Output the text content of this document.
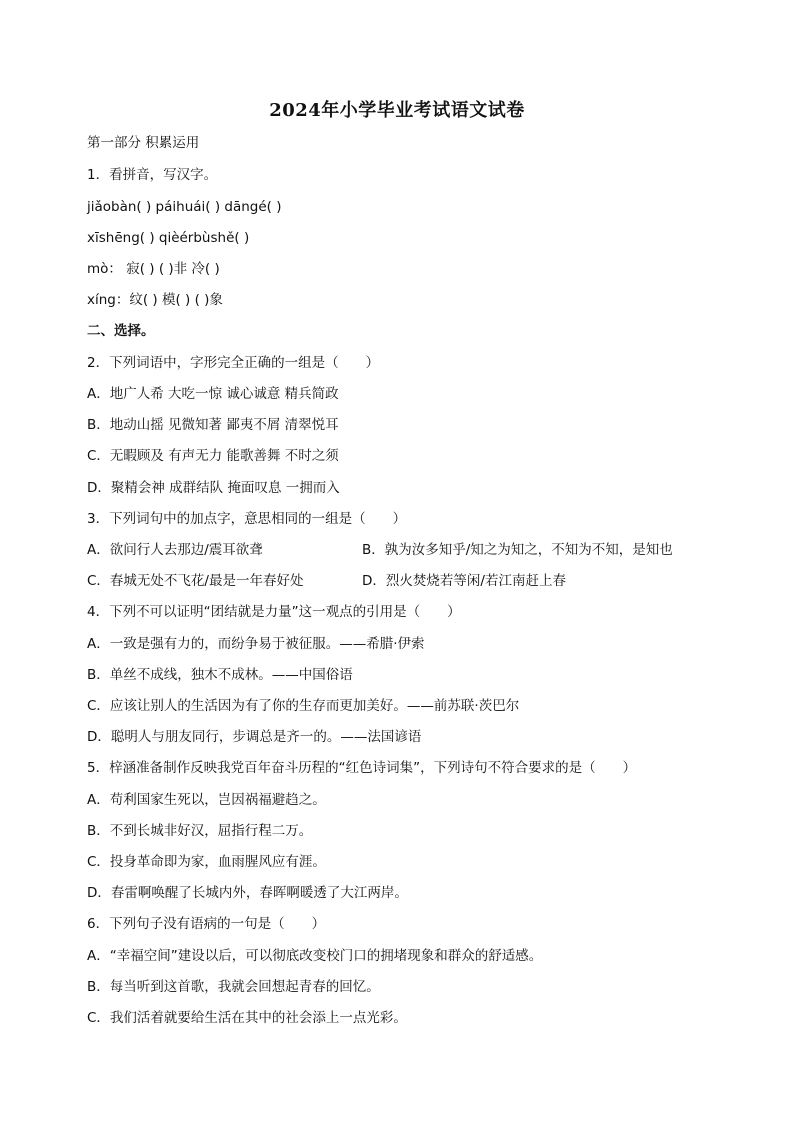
2024年小学毕业考试语文试卷
第一部分 积累运用
1．看拼音，写汉字。
jiǎobàn( ) páihuái( ) dāngé( )
xīshēng( ) qièérbùshě( )
mò： 寂( ) ( )非 冷( )
xíng：纹( ) 模( ) ( )象
二、选择。
2．下列词语中，字形完全正确的一组是（　　）
A．地广人希 大吃一惊 诚心诚意 精兵简政
B．地动山摇 见微知著 鄙夷不屑 清翠悦耳
C．无暇顾及 有声无力 能歌善舞 不时之须
D．聚精会神 成群结队 掩面叹息 一拥而入
3．下列词句中的加点字，意思相同的一组是（　　）
A．欲问行人去那边/震耳欲聋	B．孰为汝多知乎/知之为知之，不知为不知，是知也
C．春城无处不飞花/最是一年春好处	D．烈火焚烧若等闲/若江南赶上春
4．下列不可以证明“团结就是力量”这一观点的引用是（　　）
A．一致是强有力的，而纷争易于被征服。——希腊·伊索
B．单丝不成线，独木不成林。——中国俗语
C．应该让别人的生活因为有了你的生存而更加美好。——前苏联·茨巴尔
D．聪明人与朋友同行，步调总是齐一的。——法国谚语
5．梓涵准备制作反映我党百年奋斗历程的“红色诗词集”，下列诗句不符合要求的是（　　）
A．苟利国家生死以，岂因祸福避趋之。
B．不到长城非好汉，屈指行程二万。
C．投身革命即为家，血雨腥风应有涯。
D．春雷啊唤醒了长城内外，春晖啊暖透了大江两岸。
6．下列句子没有语病的一句是（　　）
A．“幸福空间”建设以后，可以彻底改变校门口的拥堵现象和群众的舒适感。
B．每当听到这首歌，我就会回想起青春的回忆。
C．我们活着就要给生活在其中的社会添上一点光彩。
